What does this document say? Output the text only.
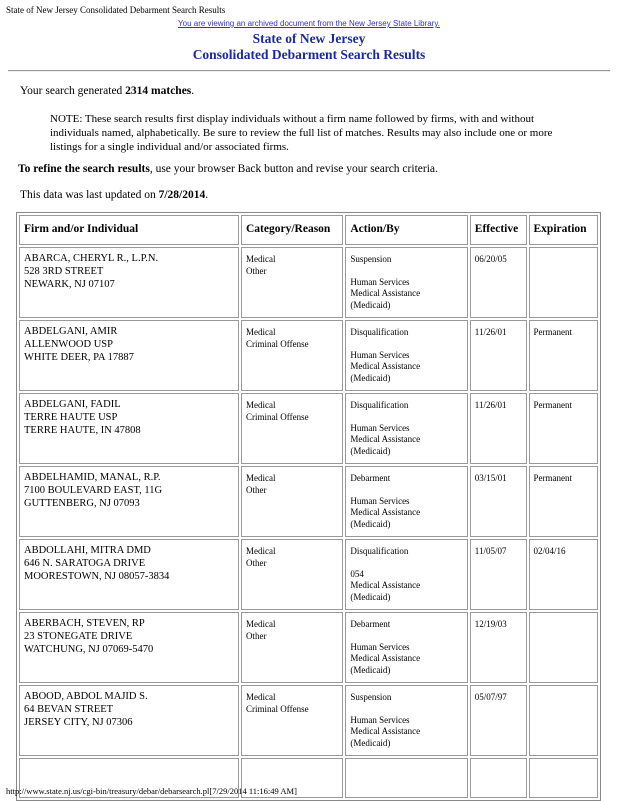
State of New Jersey Consolidated Debarment Search Results
You are viewing an archived document from the New Jersey State Library.
State of New Jersey
Consolidated Debarment Search Results
Your search generated 2314 matches.
NOTE: These search results first display individuals without a firm name followed by firms, with and without individuals named, alphabetically. Be sure to review the full list of matches. Results may also include one or more listings for a single individual and/or associated firms.
To refine the search results, use your browser Back button and revise your search criteria.
This data was last updated on 7/28/2014.
Firm and/or Individual	Category/Reason	Action/By	Effective	Expiration

ABARCA, CHERYL R., L.P.N.
528 3RD STREET
NEWARK, NJ 07107	Medical
Other	Suspension
Human Services
Medical Assistance
(Medicaid)	06/20/05	

ABDELGANI, AMIR
ALLENWOOD USP
WHITE DEER, PA 17887	Medical
Criminal Offense	Disqualification
Human Services
Medical Assistance
(Medicaid)	11/26/01	Permanent

ABDELGANI, FADIL
TERRE HAUTE USP
TERRE HAUTE, IN 47808	Medical
Criminal Offense	Disqualification
Human Services
Medical Assistance
(Medicaid)	11/26/01	Permanent

ABDELHAMID, MANAL, R.P.
7100 BOULEVARD EAST, 11G
GUTTENBERG, NJ 07093	Medical
Other	Debarment
Human Services
Medical Assistance
(Medicaid)	03/15/01	Permanent

ABDOLLAHI, MITRA DMD
646 N. SARATOGA DRIVE
MOORESTOWN, NJ 08057-3834	Medical
Other	Disqualification
054
Medical Assistance
(Medicaid)	11/05/07	02/04/16

ABERBACH, STEVEN, RP
23 STONEGATE DRIVE
WATCHUNG, NJ 07069-5470	Medical
Other	Debarment
Human Services
Medical Assistance
(Medicaid)	12/19/03	

ABOOD, ABDOL MAJID S.
64 BEVAN STREET
JERSEY CITY, NJ 07306	Medical
Criminal Offense	Suspension
Human Services
Medical Assistance
(Medicaid)	05/07/97	

http://www.state.nj.us/cgi-bin/treasury/debar/debarsearch.pl[7/29/2014 11:16:49 AM]
